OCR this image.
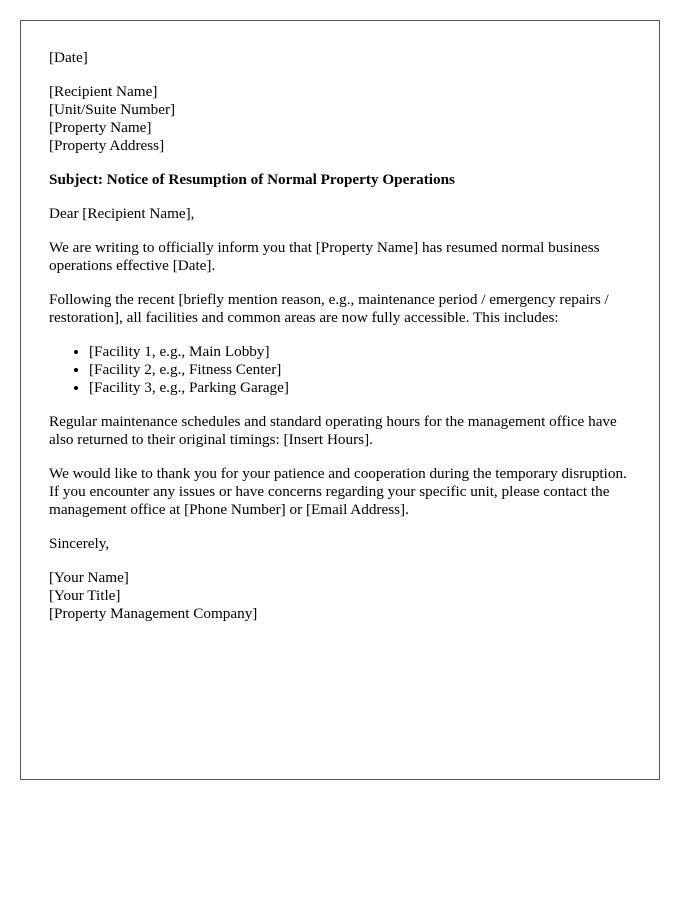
[Date]

[Recipient Name]
[Unit/Suite Number]
[Property Name]
[Property Address]

Subject: Notice of Resumption of Normal Property Operations

Dear [Recipient Name],

We are writing to officially inform you that [Property Name] has resumed normal business operations effective [Date].

Following the recent [briefly mention reason, e.g., maintenance period / emergency repairs / restoration], all facilities and common areas are now fully accessible. This includes:

• [Facility 1, e.g., Main Lobby]
• [Facility 2, e.g., Fitness Center]
• [Facility 3, e.g., Parking Garage]

Regular maintenance schedules and standard operating hours for the management office have also returned to their original timings: [Insert Hours].

We would like to thank you for your patience and cooperation during the temporary disruption. If you encounter any issues or have concerns regarding your specific unit, please contact the management office at [Phone Number] or [Email Address].

Sincerely,

[Your Name]
[Your Title]
[Property Management Company]
